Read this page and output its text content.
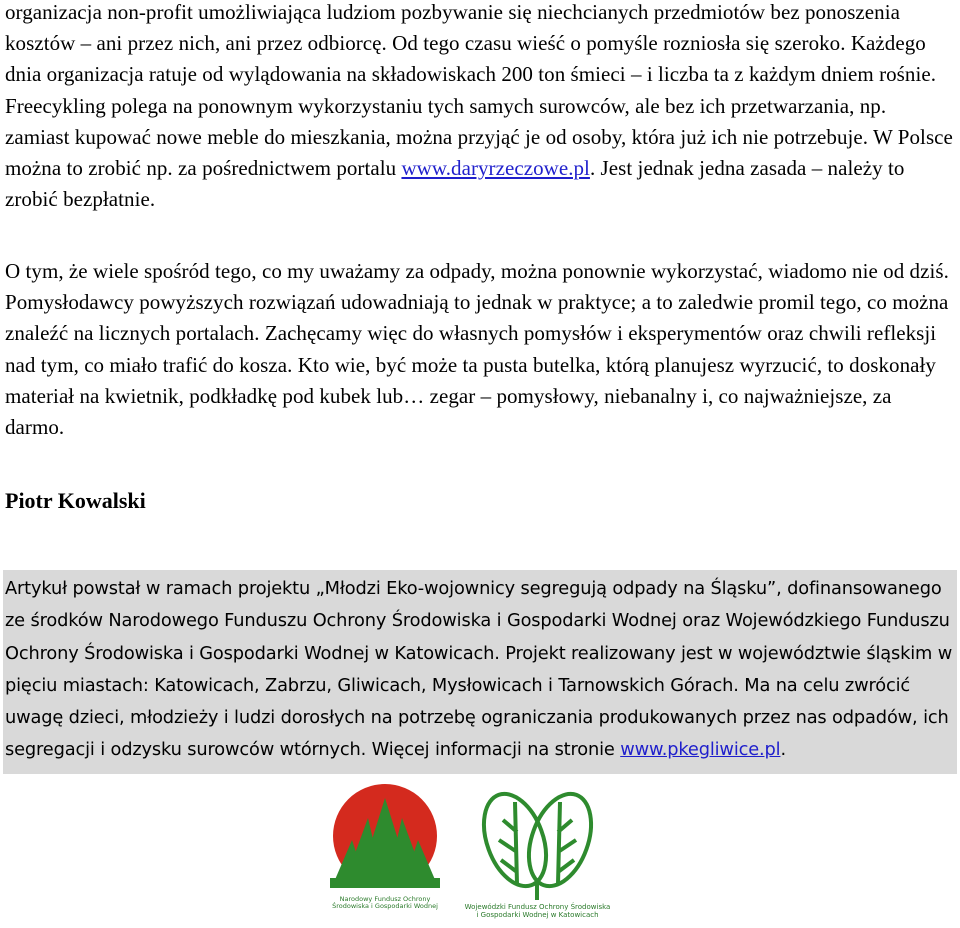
organizacja non-profit umożliwiająca ludziom pozbywanie się niechcianych przedmiotów bez ponoszenia kosztów – ani przez nich, ani przez odbiorcę. Od tego czasu wieść o pomyśle rozniosła się szeroko. Każdego dnia organizacja ratuje od wylądowania na składowiskach 200 ton śmieci – i liczba ta z każdym dniem rośnie. Freecykling polega na ponownym wykorzystaniu tych samych surowców, ale bez ich przetwarzania, np. zamiast kupować nowe meble do mieszkania, można przyjąć je od osoby, która już ich nie potrzebuje. W Polsce można to zrobić np. za pośrednictwem portalu www.daryrzeczowe.pl. Jest jednak jedna zasada – należy to zrobić bezpłatnie.

O tym, że wiele spośród tego, co my uważamy za odpady, można ponownie wykorzystać, wiadomo nie od dziś. Pomysłodawcy powyższych rozwiązań udowadniają to jednak w praktyce; a to zaledwie promil tego, co można znaleźć na licznych portalach. Zachęcamy więc do własnych pomysłów i eksperymentów oraz chwili refleksji nad tym, co miało trafić do kosza. Kto wie, być może ta pusta butelka, którą planujesz wyrzucić, to doskonały materiał na kwietnik, podkładkę pod kubek lub… zegar – pomysłowy, niebanalny i, co najważniejsze, za darmo.

Piotr Kowalski

Artykuł powstał w ramach projektu „Młodzi Eko-wojownicy segregują odpady na Śląsku”, dofinansowanego ze środków Narodowego Funduszu Ochrony Środowiska i Gospodarki Wodnej oraz Wojewódzkiego Funduszu Ochrony Środowiska i Gospodarki Wodnej w Katowicach. Projekt realizowany jest w województwie śląskim w pięciu miastach: Katowicach, Zabrzu, Gliwicach, Mysłowicach i Tarnowskich Górach. Ma na celu zwrócić uwagę dzieci, młodzieży i ludzi dorosłych na potrzebę ograniczania produkowanych przez nas odpadów, ich segregacji i odzysku surowców wtórnych. Więcej informacji na stronie www.pkegliwice.pl.

Narodowy Fundusz Ochrony
Środowiska i Gospodarki Wodnej	Wojewódzki Fundusz Ochrony Środowiska
i Gospodarki Wodnej w Katowicach
